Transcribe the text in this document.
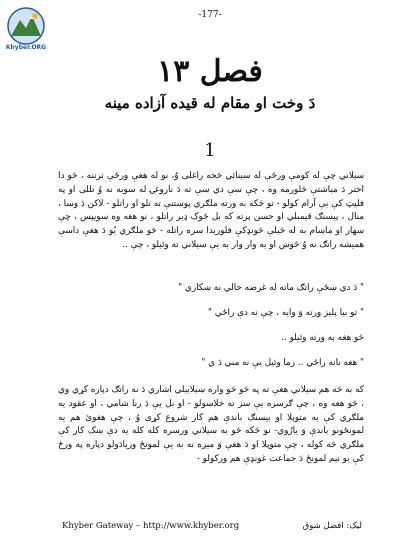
Khyber.ORG
-177-
فصل ١٣
دَ وخت او مقام له قیده آزاده مینه
1
سیلاني چې له کومې ورځې له سینائي څخه راغلی وُ، نو له هغې ورځې ترننه ، څو دا اختر دَ میاشتې څلورمه وه ، چې سې دي سې ته دَ ناروغۍ له سوبه نه وُ تللی او په فلیټ کې یې آرام کولو - تو څکه به ورته ملګري پوښتنې ته تلو او راتلو - لاکن دَ وسا ، منال ، پیسنګ قیمبلي او حسن پرته که بل څوک ډیر راتلو ، نو هغه وه سویپس ، چې سهار او ماښام به له څیلې څونډکې فلوریدا سره راتله - څو ملګري یُو دَ هغې داسې همیشه راتګ نه وُ څوښ او یه وار وار به یې سیلاني ته وئیلو ، چې ..
" دَ دي ښځې راتګ ماته له غرضه خالي نه ښکاري "
" تو بیا پلیز ورته وَ وایه ، چې نه دې راځي "
څو هغه به ورته وئیلو ..
" هغه نانه راځي .. زما وئیل یې نه مني دَ ي "
که به څه هم سیلاني هغې ته په څو څو واره ښیلابیلي اشاري دَ نه راتګ دپاره کړي وي ، څو هغه وه ، چې ګرسره یې سر ته خلاسولو - او بل یې دَ رنا شامي ، او عقود یه ملګري کې یه متوپلا او بیسنګ باندې هم کار شروع کړی وُ ، چې هغوئ هم یه لمونځونو باندې وَ یارُوي- نو څکه څو به سیلاني ورسره کله کله یه دې ښک کار کې ملګري څه کوله ، چې متوپلا او دَ هغې وَ ميږه نه به یې لمونځ وریادَولو دپاره په ورځ کې یو نیم لمونځ دَ جماعت غونډې هم ورکولو -
Khyber Gateway – http://www.khyber.org	لیک: افضل شوق
